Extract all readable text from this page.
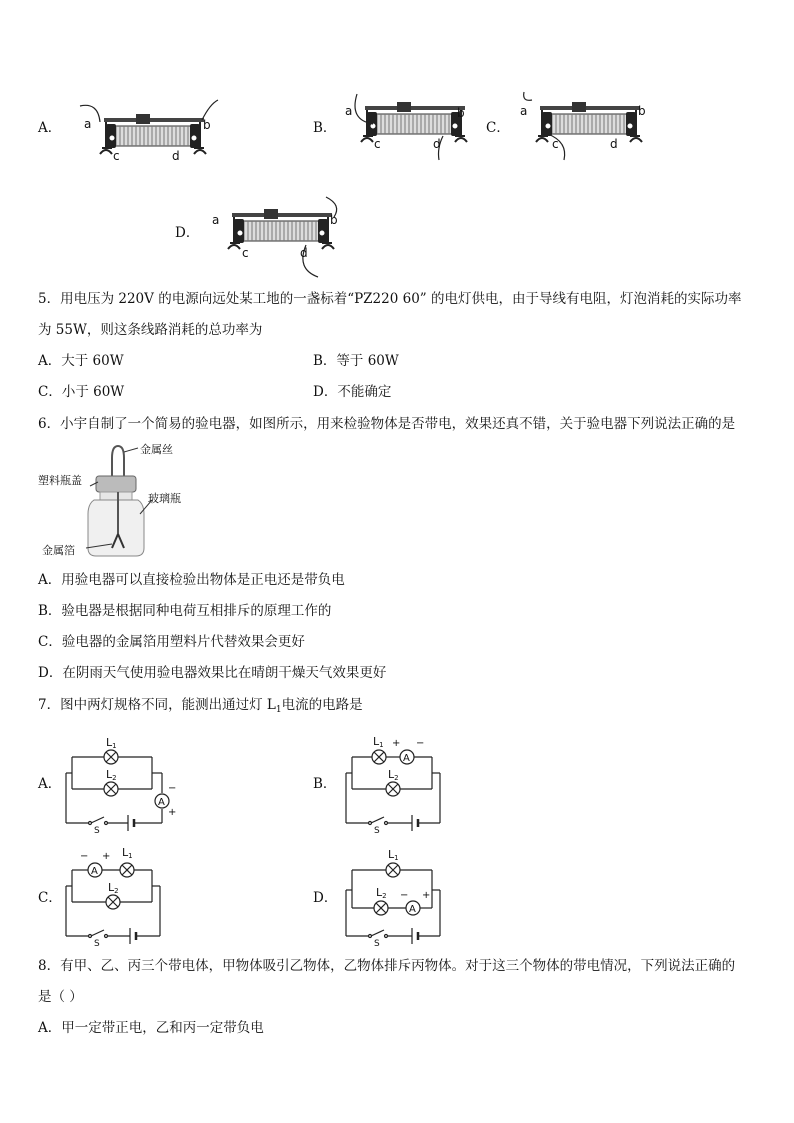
A．	B．	C．
D．
a	b
c	d
a	b
c	d
a	b
c	d
a	b
c	d
5．用电压为 220V 的电源向远处某工地的一盏标着“PZ220 60” 的电灯供电，由于导线有电阻，灯泡消耗的实际功率
为 55W，则这条线路消耗的总功率为
A．大于 60W	B．等于 60W
C．小于 60W	D．不能确定
6．小宇自制了一个简易的验电器，如图所示，用来检验物体是否带电，效果还真不错，关于验电器下列说法正确的是
金属丝
塑料瓶盖
玻璃瓶
金属箔
A．用验电器可以直接检验出物体是正电还是带负电
B．验电器是根据同种电荷互相排斥的原理工作的
C．验电器的金属箔用塑料片代替效果会更好
D．在阴雨天气使用验电器效果比在晴朗干燥天气效果更好
7．图中两灯规格不同，能测出通过灯 $L_1$电流的电路是
A．	B．
C．	D．
L1
L2
A
−
+
S
L1
A
+ −
L2
S
A
− + L1
L2
S
L1
L2
A
− +
S
8．有甲、乙、丙三个带电体，甲物体吸引乙物体，乙物体排斥丙物体。对于这三个物体的带电情况，下列说法正确的
是（ ）
A．甲一定带正电，乙和丙一定带负电
